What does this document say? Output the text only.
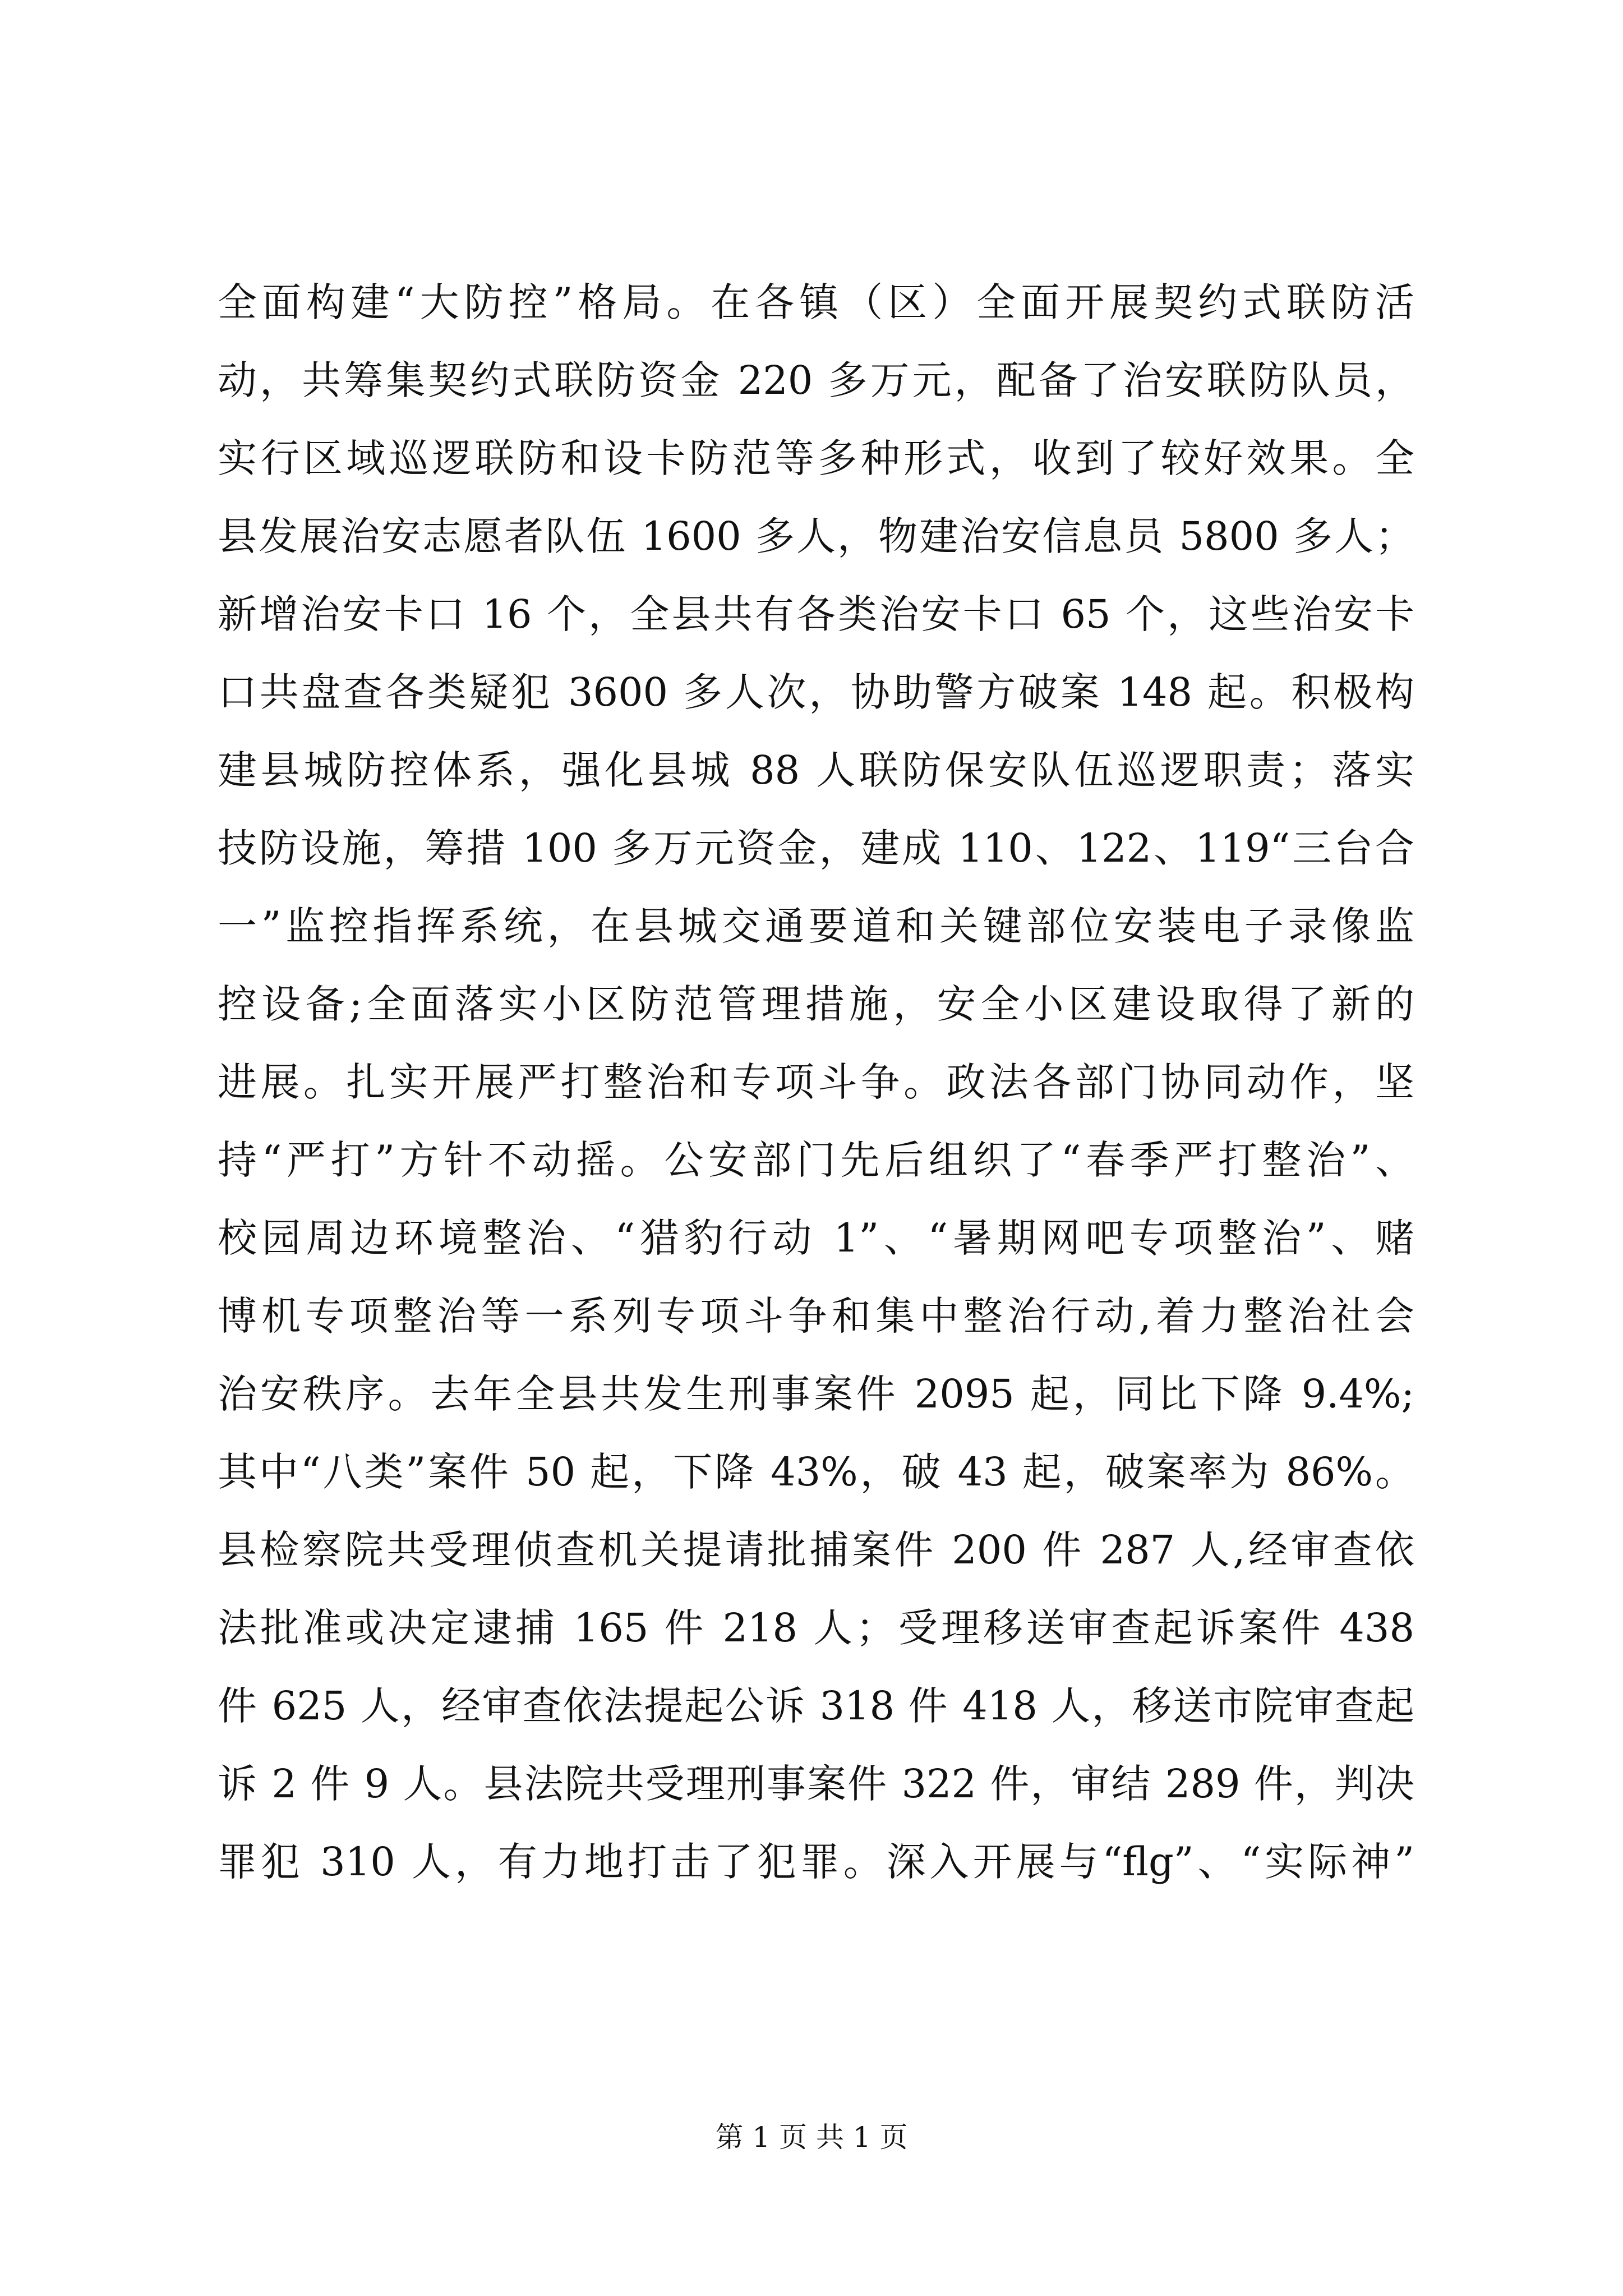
全面构建“大防控”格局。在各镇（区）全面开展契约式联防活
动，共筹集契约式联防资金 220 多万元，配备了治安联防队员，
实行区域巡逻联防和设卡防范等多种形式，收到了较好效果。全
县发展治安志愿者队伍 1600 多人，物建治安信息员 5800 多人；
新增治安卡口 16 个，全县共有各类治安卡口 65 个，这些治安卡
口共盘查各类疑犯 3600 多人次，协助警方破案 148 起。积极构
建县城防控体系，强化县城 88 人联防保安队伍巡逻职责；落实
技防设施，筹措 100 多万元资金，建成 110、122、119“三台合
一”监控指挥系统，在县城交通要道和关键部位安装电子录像监
控设备;全面落实小区防范管理措施，安全小区建设取得了新的
进展。扎实开展严打整治和专项斗争。政法各部门协同动作，坚
持“严打”方针不动摇。公安部门先后组织了“春季严打整治”、
校园周边环境整治、“猎豹行动 1”、“暑期网吧专项整治”、赌
博机专项整治等一系列专项斗争和集中整治行动,着力整治社会
治安秩序。去年全县共发生刑事案件 2095 起，同比下降 9.4%;
其中“八类”案件 50 起，下降 43%，破 43 起，破案率为 86%。
县检察院共受理侦查机关提请批捕案件 200 件 287 人,经审查依
法批准或决定逮捕 165 件 218 人；受理移送审查起诉案件 438
件 625 人，经审查依法提起公诉 318 件 418 人，移送市院审查起
诉 2 件 9 人。县法院共受理刑事案件 322 件，审结 289 件，判决
罪犯 310 人，有力地打击了犯罪。深入开展与“flg”、“实际神”
第 1 页 共 1 页
